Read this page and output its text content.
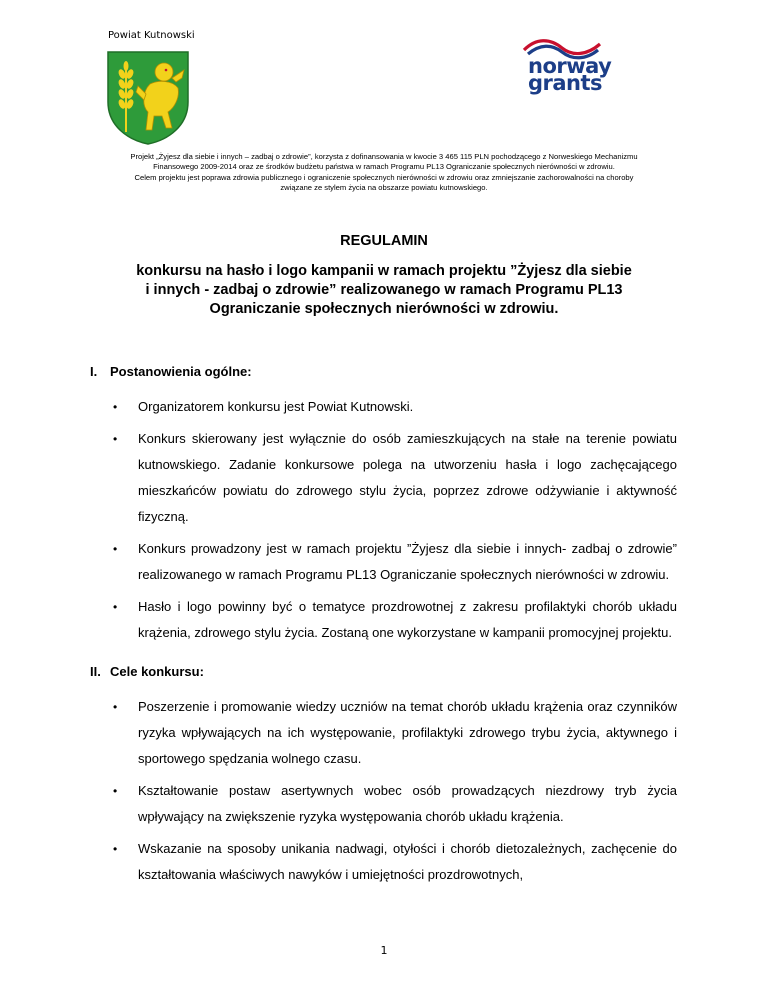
Powiat Kutnowski
norway
grants
Projekt „Żyjesz dla siebie i innych – zadbaj o zdrowie”, korzysta z dofinansowania w kwocie 3 465 115 PLN pochodzącego z Norweskiego Mechanizmu
Finansowego 2009-2014 oraz ze środków budżetu państwa w ramach Programu PL13 Ograniczanie społecznych nierówności w zdrowiu.
Celem projektu jest poprawa zdrowia publicznego i ograniczenie społecznych nierówności w zdrowiu oraz zmniejszanie zachorowalności na choroby
związane ze stylem życia na obszarze powiatu kutnowskiego.
REGULAMIN
konkursu na hasło i logo kampanii w ramach projektu ”Żyjesz dla siebie
i innych - zadbaj o zdrowie” realizowanego w ramach Programu PL13
Ograniczanie społecznych nierówności w zdrowiu.
I. Postanowienia ogólne:
• Organizatorem konkursu jest Powiat Kutnowski.
• Konkurs skierowany jest wyłącznie do osób zamieszkujących na stałe na terenie powiatu kutnowskiego. Zadanie konkursowe polega na utworzeniu hasła i logo zachęcającego mieszkańców powiatu do zdrowego stylu życia, poprzez zdrowe odżywianie i aktywność fizyczną.
• Konkurs prowadzony jest w ramach projektu ”Żyjesz dla siebie i innych- zadbaj o zdrowie” realizowanego w ramach Programu PL13 Ograniczanie społecznych nierówności w zdrowiu.
• Hasło i logo powinny być o tematyce prozdrowotnej z zakresu profilaktyki chorób układu krążenia, zdrowego stylu życia. Zostaną one wykorzystane w kampanii promocyjnej projektu.
II. Cele konkursu:
• Poszerzenie i promowanie wiedzy uczniów na temat chorób układu krążenia oraz czynników ryzyka wpływających na ich występowanie, profilaktyki zdrowego trybu życia, aktywnego i sportowego spędzania wolnego czasu.
• Kształtowanie postaw asertywnych wobec osób prowadzących niezdrowy tryb życia wpływający na zwiększenie ryzyka występowania chorób układu krążenia.
• Wskazanie na sposoby unikania nadwagi, otyłości i chorób dietozależnych, zachęcenie do kształtowania właściwych nawyków i umiejętności prozdrowotnych,
1
